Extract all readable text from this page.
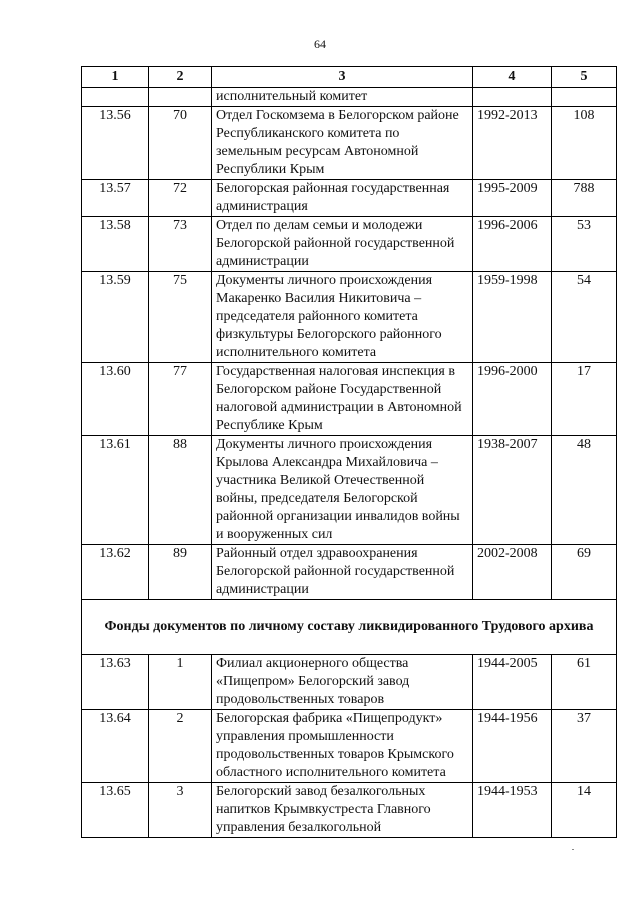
64
1	2	3	4	5
		исполнительный комитет		
13.56	70	Отдел Госкомзема в Белогорском районе Республиканского комитета по земельным ресурсам Автономной Республики Крым	1992-2013	108
13.57	72	Белогорская районная государственная администрация	1995-2009	788
13.58	73	Отдел по делам семьи и молодежи Белогорской районной государственной администрации	1996-2006	53
13.59	75	Документы личного происхождения Макаренко Василия Никитовича – председателя районного комитета физкультуры Белогорского районного исполнительного комитета	1959-1998	54
13.60	77	Государственная налоговая инспекция в Белогорском районе Государственной налоговой администрации в Автономной Республике Крым	1996-2000	17
13.61	88	Документы личного происхождения Крылова Александра Михайловича – участника Великой Отечественной войны, председателя Белогорской районной организации инвалидов войны и вооруженных сил	1938-2007	48
13.62	89	Районный отдел здравоохранения Белогорской районной государственной администрации	2002-2008	69
Фонды документов по личному составу ликвидированного Трудового архива				
13.63	1	Филиал акционерного общества «Пищепром» Белогорский завод продовольственных товаров	1944-2005	61
13.64	2	Белогорская фабрика «Пищепродукт» управления промышленности продовольственных товаров Крымского областного исполнительного комитета	1944-1956	37
13.65	3	Белогорский завод безалкогольных напитков Крымвкустреста Главного управления безалкогольной	1944-1953	14
